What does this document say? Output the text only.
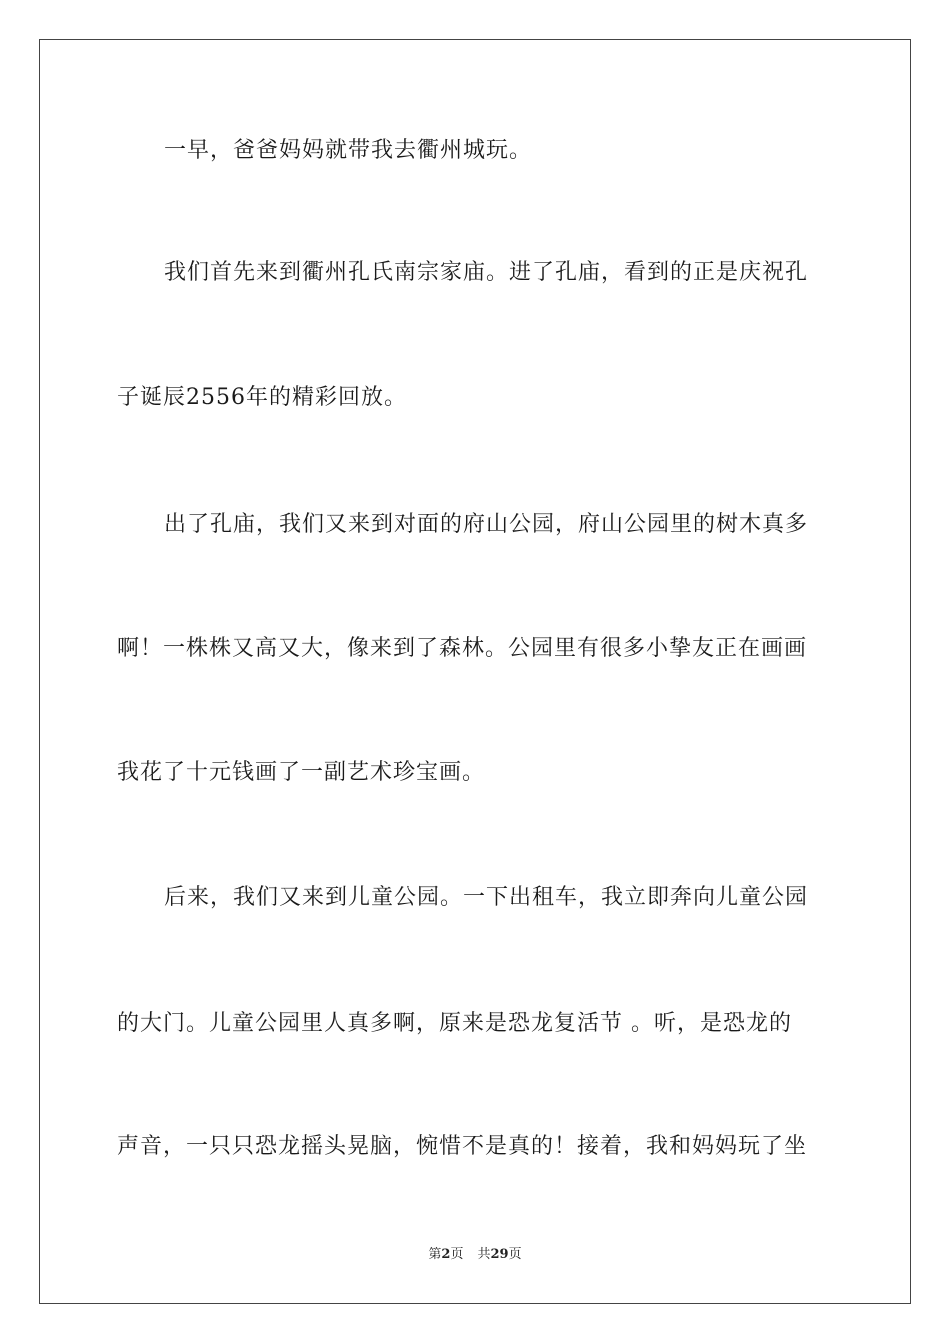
一早，爸爸妈妈就带我去衢州城玩。
我们首先来到衢州孔氏南宗家庙。进了孔庙，看到的正是庆祝孔
子诞辰2556年的精彩回放。
出了孔庙，我们又来到对面的府山公园，府山公园里的树木真多
啊！一株株又高又大，像来到了森林。公园里有很多小挚友正在画画
我花了十元钱画了一副艺术珍宝画。
后来，我们又来到儿童公园。一下出租车，我立即奔向儿童公园
的大门。儿童公园里人真多啊，原来是恐龙复活节 。听，是恐龙的
声音，一只只恐龙摇头晃脑，惋惜不是真的！接着，我和妈妈玩了坐
第2页 共29页
